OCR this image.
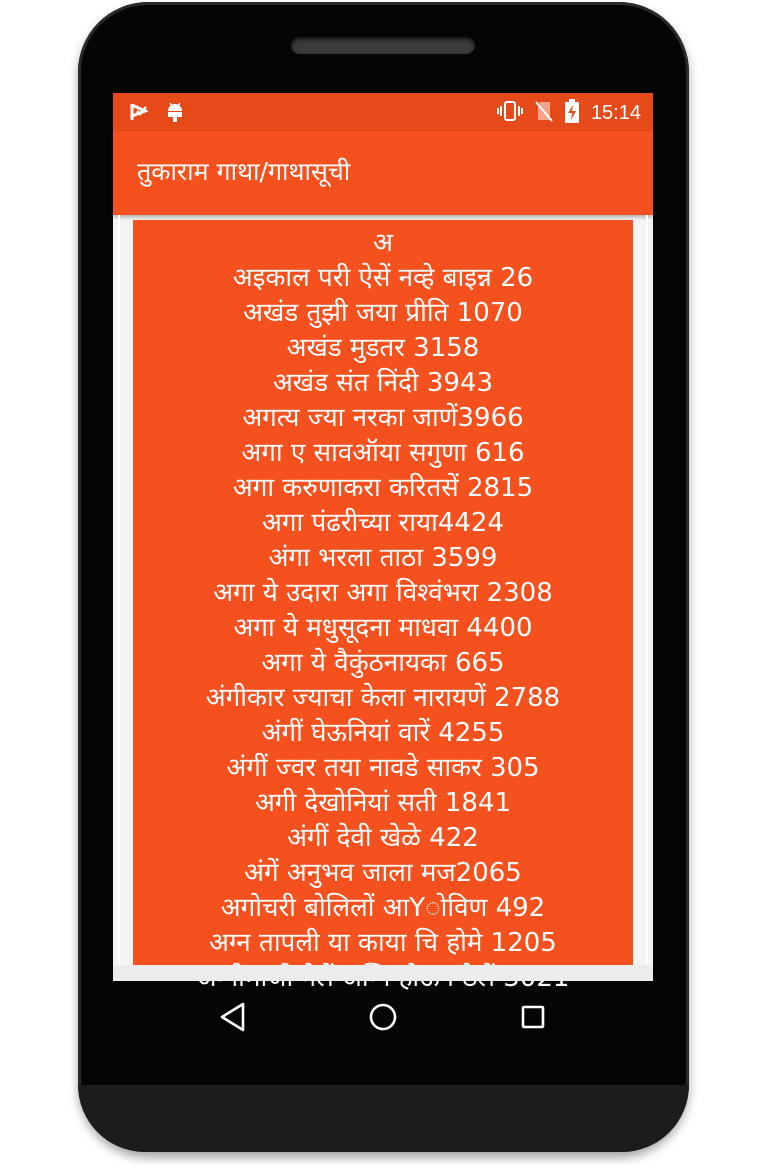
15:14
तुकाराम गाथा/गाथासूची
अ
अइकाल परी ऐसें नव्हे बाइन्न 26
अखंड तुझी जया प्रीति 1070
अखंड मुडतर 3158
अखंड संत निंदी 3943
अगत्य ज्या नरका जाणें3966
अगा ए सावऑया सगुणा 616
अगा करुणाकरा करितसें 2815
अगा पंढरीच्या राया4424
अंगा भरला ताठा 3599
अगा ये उदारा अगा विश्वंभरा 2308
अगा ये मधुसूदना माधवा 4400
अगा ये वैकुंठनायका 665
अंगीकार ज्याचा केला नारायणें 2788
अंगीं घेऊनियां वारें 4255
अंगीं ज्वर तया नावडे साकर 305
अगी देखोनियां सती 1841
अंगीं देवी खेळे 422
अंगें अनुभव जाला मज2065
अगोचरी बोलिलों आYोविण 492
अग्न तापली या काया चि होमे 1205
